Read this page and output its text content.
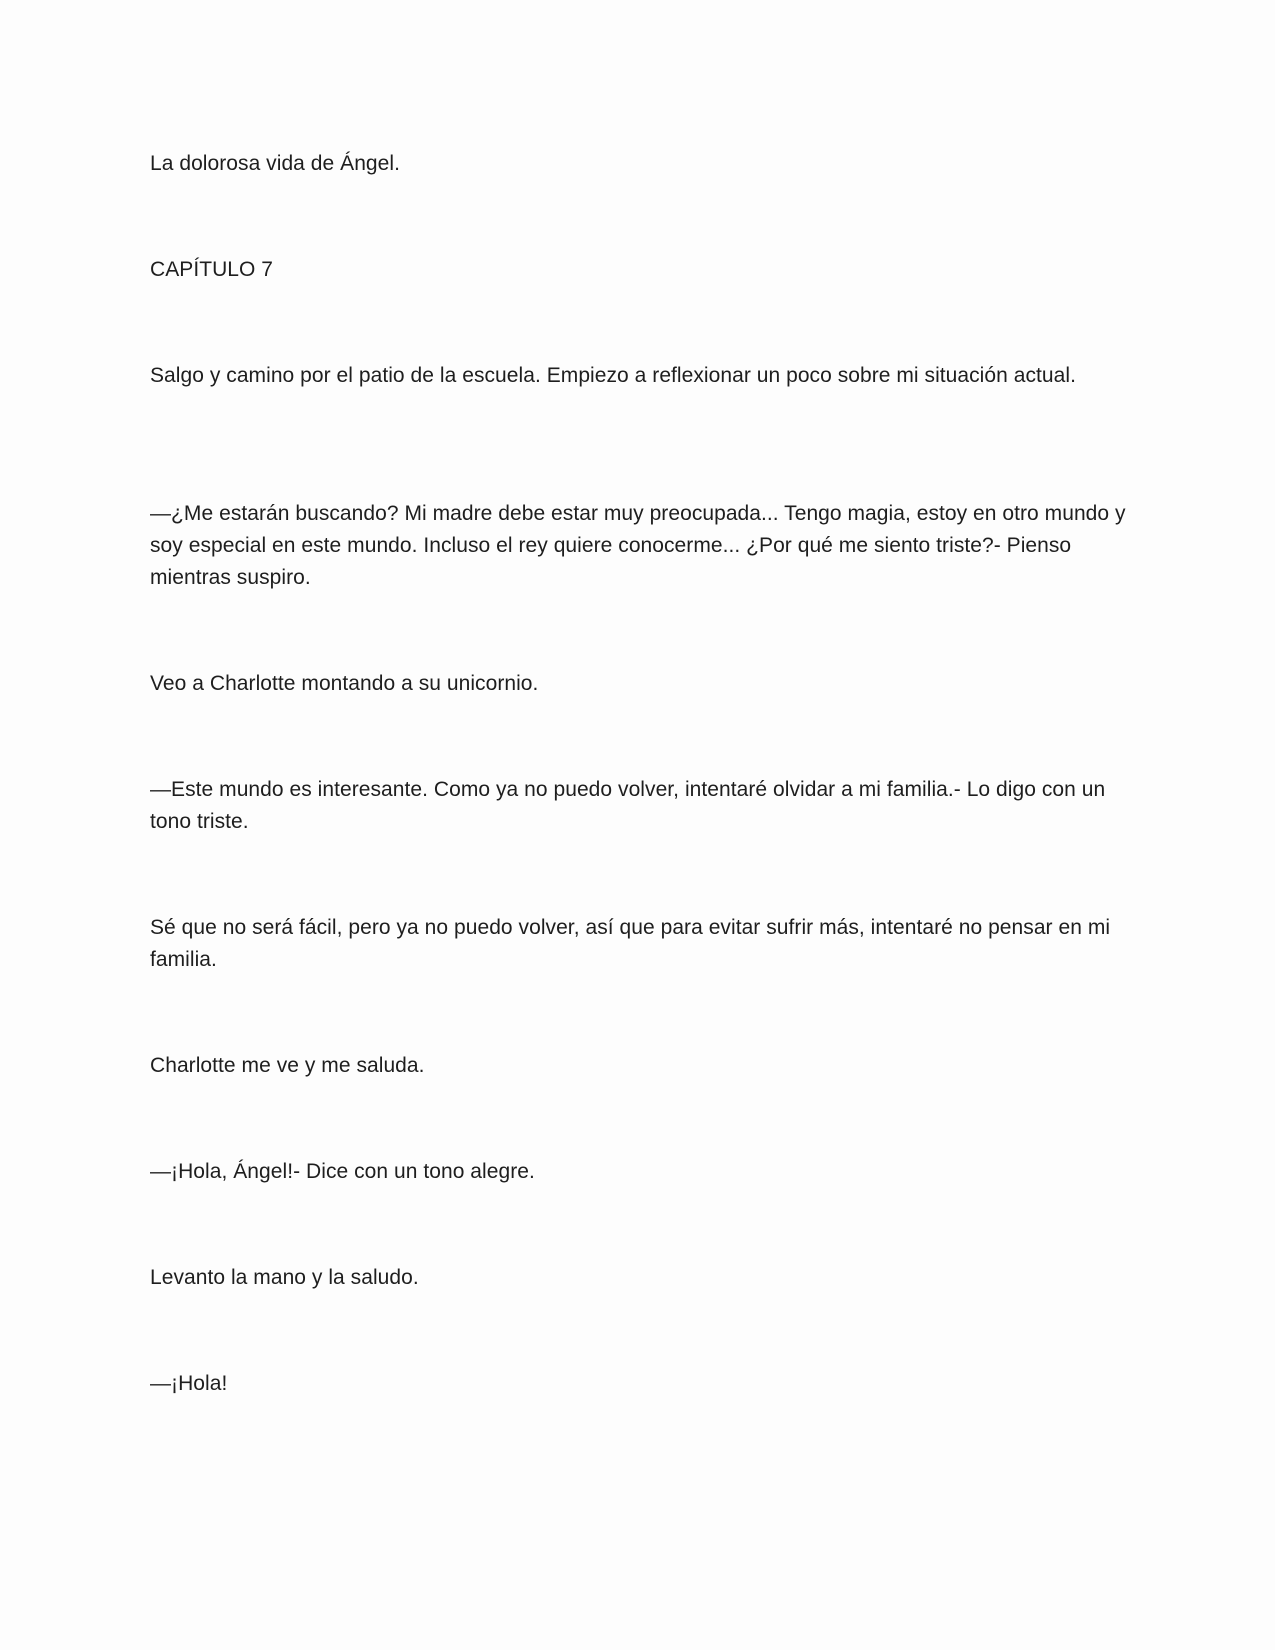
La dolorosa vida de Ángel.

CAPÍTULO 7

Salgo y camino por el patio de la escuela. Empiezo a reflexionar un poco sobre mi situación actual.

—¿Me estarán buscando? Mi madre debe estar muy preocupada... Tengo magia, estoy en otro mundo y soy especial en este mundo. Incluso el rey quiere conocerme... ¿Por qué me siento triste?- Pienso mientras suspiro.

Veo a Charlotte montando a su unicornio.

—Este mundo es interesante. Como ya no puedo volver, intentaré olvidar a mi familia.- Lo digo con un tono triste.

Sé que no será fácil, pero ya no puedo volver, así que para evitar sufrir más, intentaré no pensar en mi familia.

Charlotte me ve y me saluda.

—¡Hola, Ángel!- Dice con un tono alegre.

Levanto la mano y la saludo.

—¡Hola!
